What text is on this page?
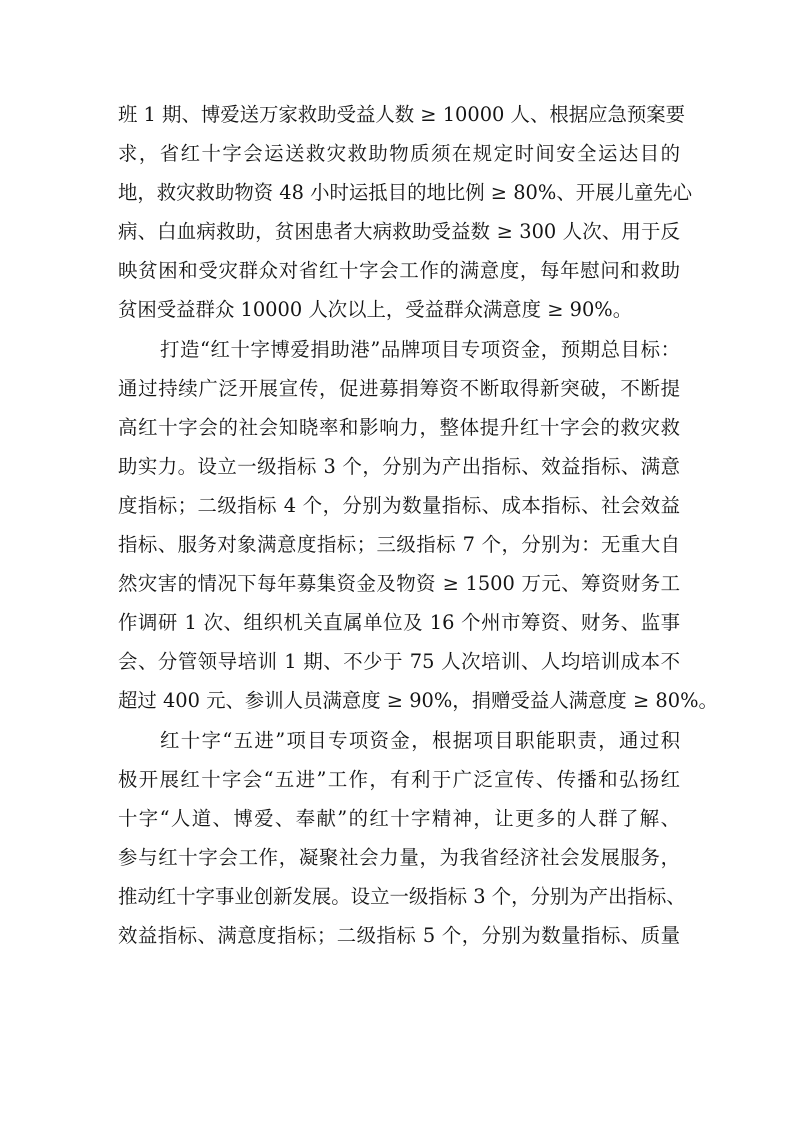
班 1 期、博爱送万家救助受益人数 ≥ 10000 人、根据应急预案要
求，省红十字会运送救灾救助物质须在规定时间安全运达目的
地，救灾救助物资 48 小时运抵目的地比例 ≥ 80%、开展儿童先心
病、白血病救助，贫困患者大病救助受益数 ≥ 300 人次、用于反
映贫困和受灾群众对省红十字会工作的满意度，每年慰问和救助
贫困受益群众 10000 人次以上，受益群众满意度 ≥ 90%。
打造“红十字博爱捐助港”品牌项目专项资金，预期总目标：
通过持续广泛开展宣传，促进募捐筹资不断取得新突破，不断提
高红十字会的社会知晓率和影响力，整体提升红十字会的救灾救
助实力。设立一级指标 3 个，分别为产出指标、效益指标、满意
度指标；二级指标 4 个，分别为数量指标、成本指标、社会效益
指标、服务对象满意度指标；三级指标 7 个，分别为：无重大自
然灾害的情况下每年募集资金及物资 ≥ 1500 万元、筹资财务工
作调研 1 次、组织机关直属单位及 16 个州市筹资、财务、监事
会、分管领导培训 1 期、不少于 75 人次培训、人均培训成本不
超过 400 元、参训人员满意度 ≥ 90%，捐赠受益人满意度 ≥ 80%。
红十字“五进”项目专项资金，根据项目职能职责，通过积
极开展红十字会“五进”工作，有利于广泛宣传、传播和弘扬红
十字“人道、博爱、奉献”的红十字精神，让更多的人群了解、
参与红十字会工作，凝聚社会力量，为我省经济社会发展服务，
推动红十字事业创新发展。设立一级指标 3 个，分别为产出指标、
效益指标、满意度指标；二级指标 5 个，分别为数量指标、质量
